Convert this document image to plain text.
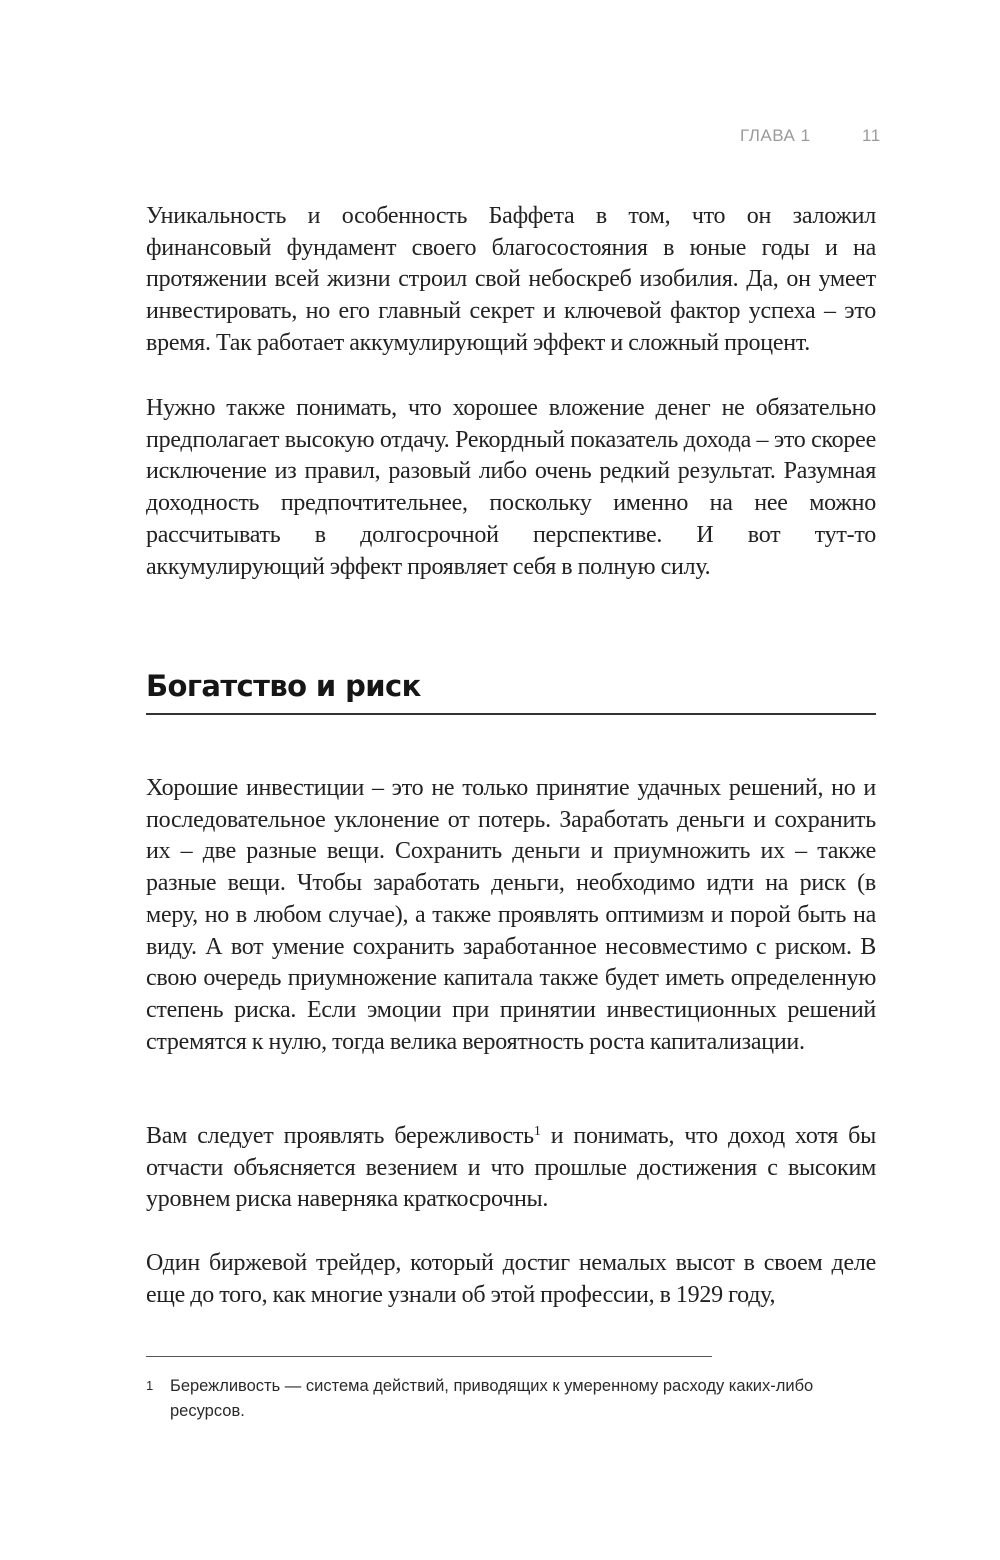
ГЛАВА 1	11
Уникальность и особенность Баффета в том, что он заложил финансовый фундамент своего благосостояния в юные годы и на протяжении всей жизни строил свой небоскреб изобилия. Да, он умеет инвестировать, но его главный секрет и ключевой фактор успеха – это время. Так работает аккумулирующий эффект и сложный процент.
Нужно также понимать, что хорошее вложение денег не обязательно предполагает высокую отдачу. Рекордный показатель дохода – это скорее исключение из правил, разовый либо очень редкий результат. Разумная доходность предпочтительнее, поскольку именно на нее можно рассчитывать в долгосрочной перспективе. И вот тут-то аккумулирующий эффект проявляет себя в полную силу.
Богатство и риск
Хорошие инвестиции – это не только принятие удачных решений, но и последовательное уклонение от потерь. Заработать деньги и сохранить их – две разные вещи. Сохранить деньги и приумножить их – также разные вещи. Чтобы заработать деньги, необходимо идти на риск (в меру, но в любом случае), а также проявлять оптимизм и порой быть на виду. А вот умение сохранить заработанное несовместимо с риском. В свою очередь приумножение капитала также будет иметь определенную степень риска. Если эмоции при принятии инвестиционных решений стремятся к нулю, тогда велика вероятность роста капитализации.
Вам следует проявлять бережливость$^1$ и понимать, что доход хотя бы отчасти объясняется везением и что прошлые достижения с высоким уровнем риска наверняка краткосрочны.
Один биржевой трейдер, который достиг немалых высот в своем деле еще до того, как многие узнали об этой профессии, в 1929 году,
1	Бережливость — система действий, приводящих к умеренному расходу каких-либо ресурсов.
